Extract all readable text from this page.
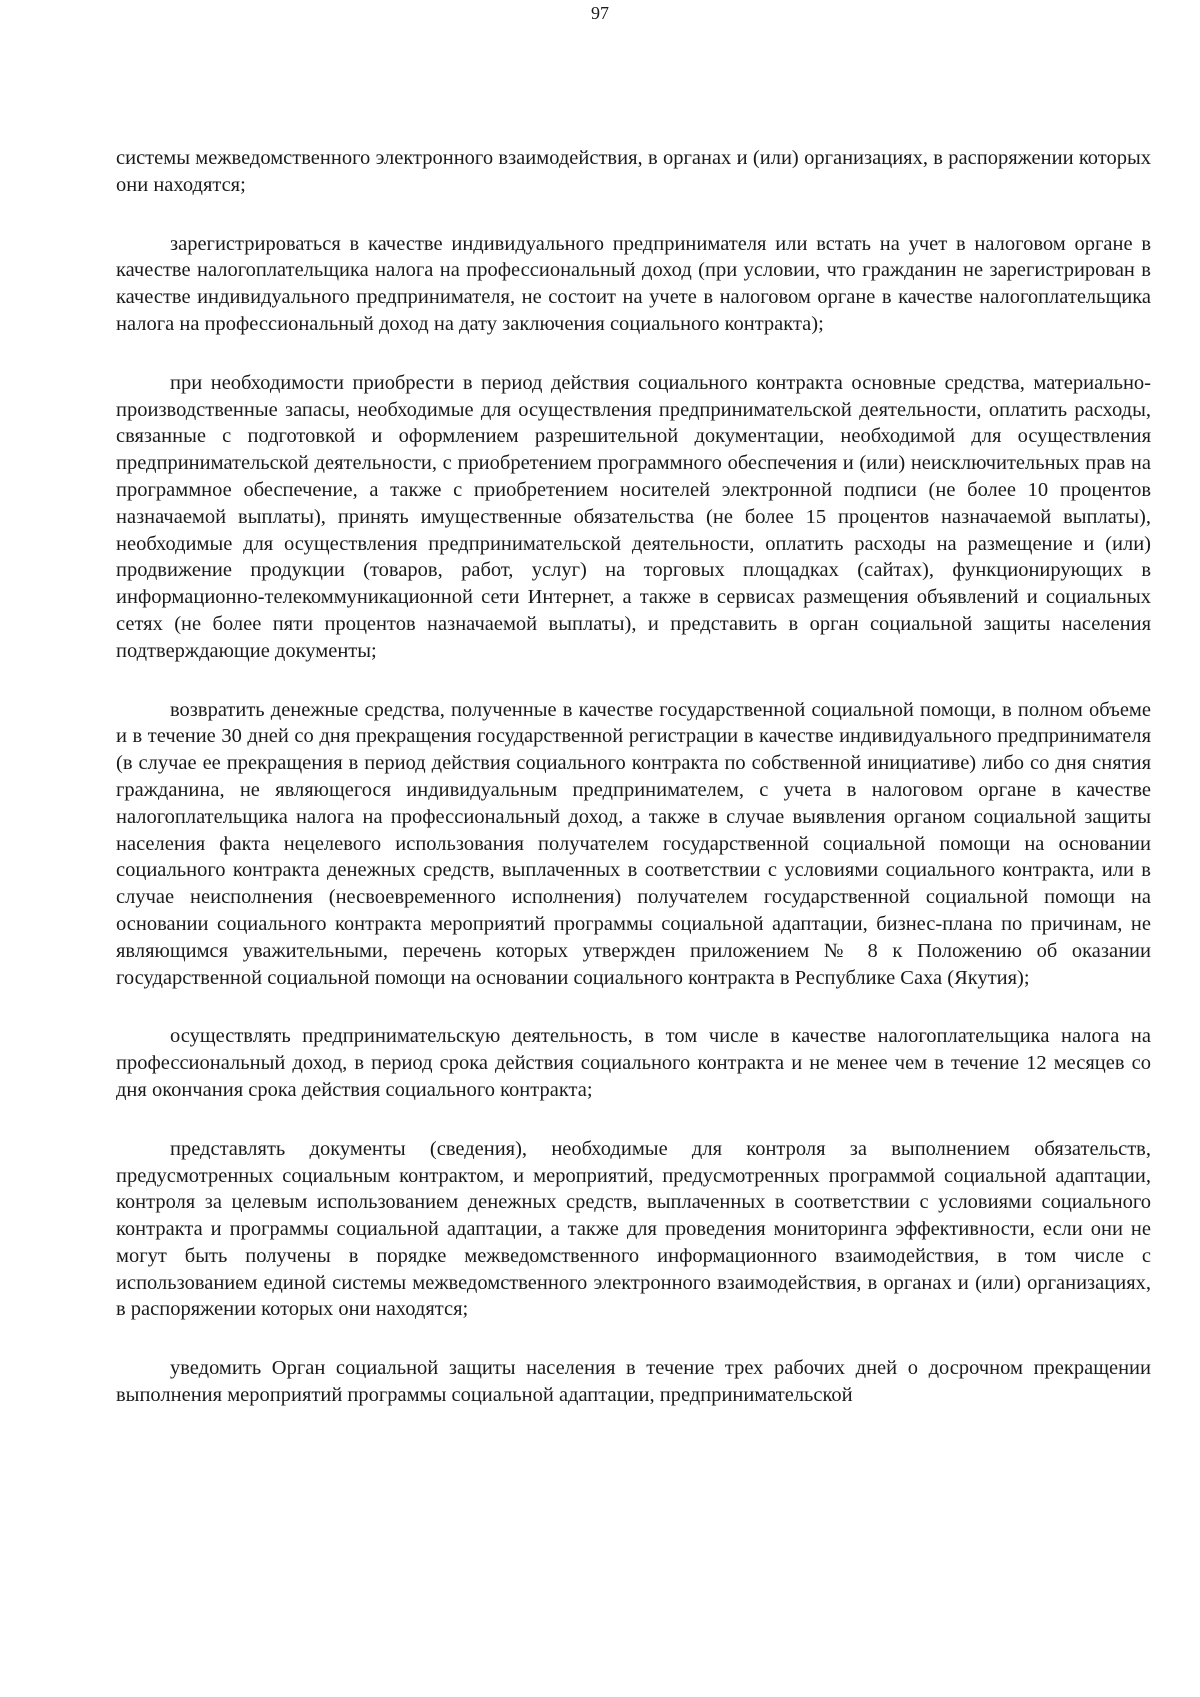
97

системы межведомственного электронного взаимодействия, в органах и (или) организациях, в распоряжении которых они находятся;

зарегистрироваться в качестве индивидуального предпринимателя или встать на учет в налоговом органе в качестве налогоплательщика налога на профессиональный доход (при условии, что гражданин не зарегистрирован в качестве индивидуального предпринимателя, не состоит на учете в налоговом органе в качестве налогоплательщика налога на профессиональный доход на дату заключения социального контракта);

при необходимости приобрести в период действия социального контракта основные средства, материально-производственные запасы, необходимые для осуществления предпринимательской деятельности, оплатить расходы, связанные с подготовкой и оформлением разрешительной документации, необходимой для осуществления предпринимательской деятельности, с приобретением программного обеспечения и (или) неисключительных прав на программное обеспечение, а также с приобретением носителей электронной подписи (не более 10 процентов назначаемой выплаты), принять имущественные обязательства (не более 15 процентов назначаемой выплаты), необходимые для осуществления предпринимательской деятельности, оплатить расходы на размещение и (или) продвижение продукции (товаров, работ, услуг) на торговых площадках (сайтах), функционирующих в информационно-телекоммуникационной сети Интернет, а также в сервисах размещения объявлений и социальных сетях (не более пяти процентов назначаемой выплаты), и представить в орган социальной защиты населения подтверждающие документы;

возвратить денежные средства, полученные в качестве государственной социальной помощи, в полном объеме и в течение 30 дней со дня прекращения государственной регистрации в качестве индивидуального предпринимателя (в случае ее прекращения в период действия социального контракта по собственной инициативе) либо со дня снятия гражданина, не являющегося индивидуальным предпринимателем, с учета в налоговом органе в качестве налогоплательщика налога на профессиональный доход, а также в случае выявления органом социальной защиты населения факта нецелевого использования получателем государственной социальной помощи на основании социального контракта денежных средств, выплаченных в соответствии с условиями социального контракта, или в случае неисполнения (несвоевременного исполнения) получателем государственной социальной помощи на основании социального контракта мероприятий программы социальной адаптации, бизнес-плана по причинам, не являющимся уважительными, перечень которых утвержден приложением № 8 к Положению об оказании государственной социальной помощи на основании социального контракта в Республике Саха (Якутия);

осуществлять предпринимательскую деятельность, в том числе в качестве налогоплательщика налога на профессиональный доход, в период срока действия социального контракта и не менее чем в течение 12 месяцев со дня окончания срока действия социального контракта;

представлять документы (сведения), необходимые для контроля за выполнением обязательств, предусмотренных социальным контрактом, и мероприятий, предусмотренных программой социальной адаптации, контроля за целевым использованием денежных средств, выплаченных в соответствии с условиями социального контракта и программы социальной адаптации, а также для проведения мониторинга эффективности, если они не могут быть получены в порядке межведомственного информационного взаимодействия, в том числе с использованием единой системы межведомственного электронного взаимодействия, в органах и (или) организациях, в распоряжении которых они находятся;

уведомить Орган социальной защиты населения в течение трех рабочих дней о досрочном прекращении выполнения мероприятий программы социальной адаптации, предпринимательской
